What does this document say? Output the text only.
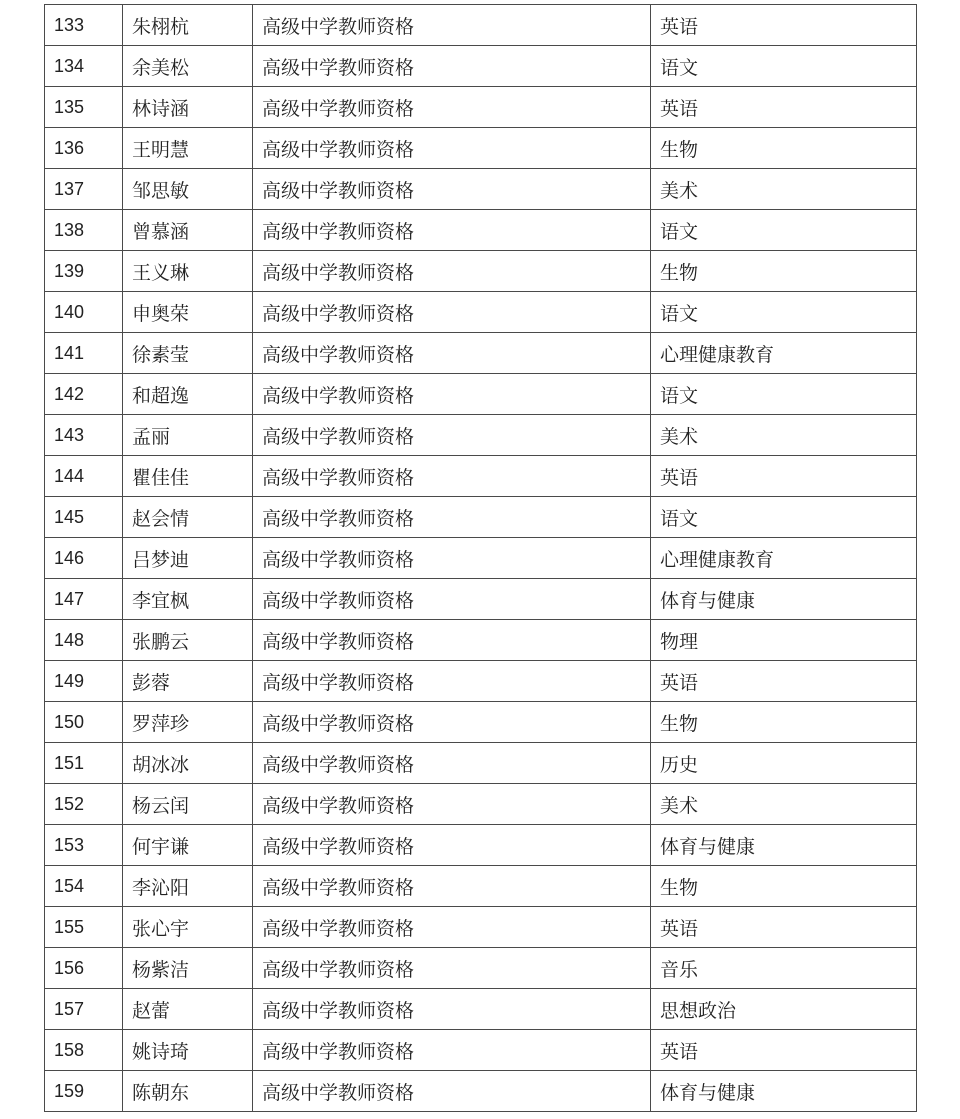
133	朱栩杭	高级中学教师资格	英语
134	余美松	高级中学教师资格	语文
135	林诗涵	高级中学教师资格	英语
136	王明慧	高级中学教师资格	生物
137	邹思敏	高级中学教师资格	美术
138	曾慕涵	高级中学教师资格	语文
139	王义琳	高级中学教师资格	生物
140	申奥荣	高级中学教师资格	语文
141	徐素莹	高级中学教师资格	心理健康教育
142	和超逸	高级中学教师资格	语文
143	孟丽	高级中学教师资格	美术
144	瞿佳佳	高级中学教师资格	英语
145	赵会情	高级中学教师资格	语文
146	吕梦迪	高级中学教师资格	心理健康教育
147	李宜枫	高级中学教师资格	体育与健康
148	张鹏云	高级中学教师资格	物理
149	彭蓉	高级中学教师资格	英语
150	罗萍珍	高级中学教师资格	生物
151	胡冰冰	高级中学教师资格	历史
152	杨云闰	高级中学教师资格	美术
153	何宇谦	高级中学教师资格	体育与健康
154	李沁阳	高级中学教师资格	生物
155	张心宇	高级中学教师资格	英语
156	杨紫洁	高级中学教师资格	音乐
157	赵蕾	高级中学教师资格	思想政治
158	姚诗琦	高级中学教师资格	英语
159	陈朝东	高级中学教师资格	体育与健康
